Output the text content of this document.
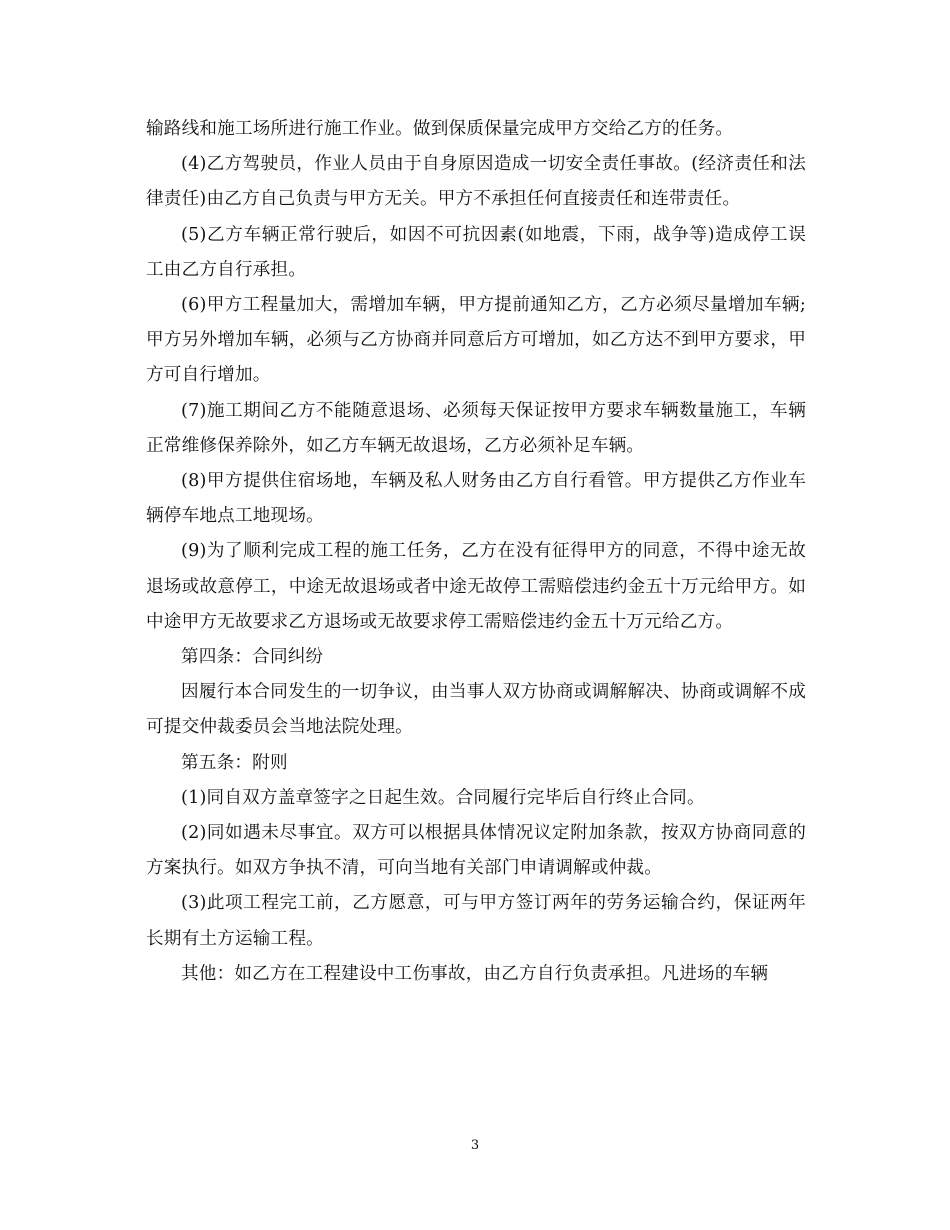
输路线和施工场所进行施工作业。做到保质保量完成甲方交给乙方的任务。

(4)乙方驾驶员，作业人员由于自身原因造成一切安全责任事故。(经济责任和法律责任)由乙方自己负责与甲方无关。甲方不承担任何直接责任和连带责任。

(5)乙方车辆正常行驶后，如因不可抗因素(如地震，下雨，战争等)造成停工误工由乙方自行承担。

(6)甲方工程量加大，需增加车辆，甲方提前通知乙方，乙方必须尽量增加车辆;甲方另外增加车辆，必须与乙方协商并同意后方可增加，如乙方达不到甲方要求，甲方可自行增加。

(7)施工期间乙方不能随意退场、必须每天保证按甲方要求车辆数量施工，车辆正常维修保养除外，如乙方车辆无故退场，乙方必须补足车辆。

(8)甲方提供住宿场地，车辆及私人财务由乙方自行看管。甲方提供乙方作业车辆停车地点工地现场。

(9)为了顺利完成工程的施工任务，乙方在没有征得甲方的同意，不得中途无故退场或故意停工，中途无故退场或者中途无故停工需赔偿违约金五十万元给甲方。如中途甲方无故要求乙方退场或无故要求停工需赔偿违约金五十万元给乙方。

第四条：合同纠纷

因履行本合同发生的一切争议，由当事人双方协商或调解解决、协商或调解不成可提交仲裁委员会当地法院处理。

第五条：附则

(1)同自双方盖章签字之日起生效。合同履行完毕后自行终止合同。

(2)同如遇未尽事宜。双方可以根据具体情况议定附加条款，按双方协商同意的方案执行。如双方争执不清，可向当地有关部门申请调解或仲裁。

(3)此项工程完工前，乙方愿意，可与甲方签订两年的劳务运输合约，保证两年长期有土方运输工程。

其他：如乙方在工程建设中工伤事故，由乙方自行负责承担。凡进场的车辆

3
